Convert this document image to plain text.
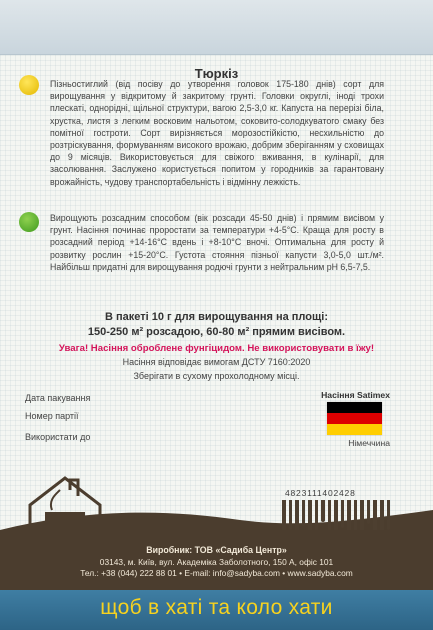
Тюркіз
Пізньостиглий (від посіву до утворення головок 175-180 днів) сорт для вирощування у відкритому й закритому грунті. Головки округлі, іноді трохи плескаті, однорідні, щільної структури, вагою 2,5-3,0 кг. Капуста на перерізі біла, хрустка, листя з легким восковим нальотом, соковито-солодкуватого смаку без помітної гостроти. Сорт вирізняється морозостійкістю, несхильністю до розтріскування, формуванням високого врожаю, добрим зберіганням у сховищах до 9 місяців. Використовується для свіжого вживання, в кулінарії, для засолювання. Заслужено користується попитом у городників за гарантовану врожайність, чудову транспортабельність і відмінну лежкість.
Вирощують розсадним способом (вік розсади 45-50 днів) і прямим висівом у грунт. Насіння починає проростати за температури +4-5°С. Краща для росту в розсадний період +14-16°С вдень і +8-10°С вночі. Оптимальна для росту й розвитку рослин +15-20°С. Густота стояння пізньої капусти 3,0-5,0 шт./м². Найбільш придатні для вирощування родючі грунти з нейтральним рН 6,5-7,5.
В пакеті 10 г для вирощування на площі:
150-250 м² розсадою, 60-80 м² прямим висівом.
Увага! Насіння оброблене фунгіцидом. Не використовувати в їжу!
Насіння відповідає вимогам ДСТУ 7160:2020
Зберігати в сухому прохолодному місці.
Дата пакування
Номер партії
Використати до
Насіння Satimex
Німеччина
4823111402428
Виробник: ТОВ «Садиба Центр»
03143, м. Київ, вул. Академіка Заболотного, 150 А, офіс 101
Тел.: +38 (044) 222 88 01 • E-mail: info@sadyba.com • www.sadyba.com
щоб в хаті та коло хати
